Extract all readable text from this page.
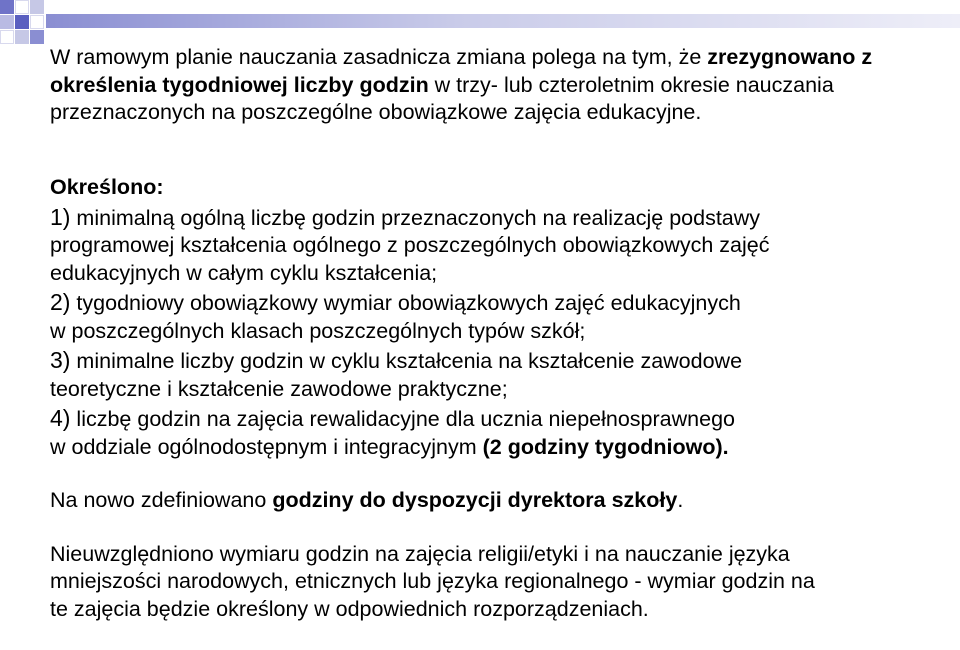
W ramowym planie nauczania zasadnicza zmiana polega na tym, że zrezygnowano z określenia tygodniowej liczby godzin w trzy- lub czteroletnim okresie nauczania przeznaczonych na poszczególne obowiązkowe zajęcia edukacyjne.

Określono:

1) minimalną ogólną liczbę godzin przeznaczonych na realizację podstawy
programowej kształcenia ogólnego z poszczególnych obowiązkowych zajęć
edukacyjnych w całym cyklu kształcenia;

2) tygodniowy obowiązkowy wymiar obowiązkowych zajęć edukacyjnych
w poszczególnych klasach poszczególnych typów szkół;

3) minimalne liczby godzin w cyklu kształcenia na kształcenie zawodowe
teoretyczne i kształcenie zawodowe praktyczne;

4) liczbę godzin na zajęcia rewalidacyjne dla ucznia niepełnosprawnego
w oddziale ogólnodostępnym i integracyjnym (2 godziny tygodniowo).

Na nowo zdefiniowano godziny do dyspozycji dyrektora szkoły.

Nieuwzględniono wymiaru godzin na zajęcia religii/etyki i na nauczanie języka
mniejszości narodowych, etnicznych lub języka regionalnego - wymiar godzin na
te zajęcia będzie określony w odpowiednich rozporządzeniach.
